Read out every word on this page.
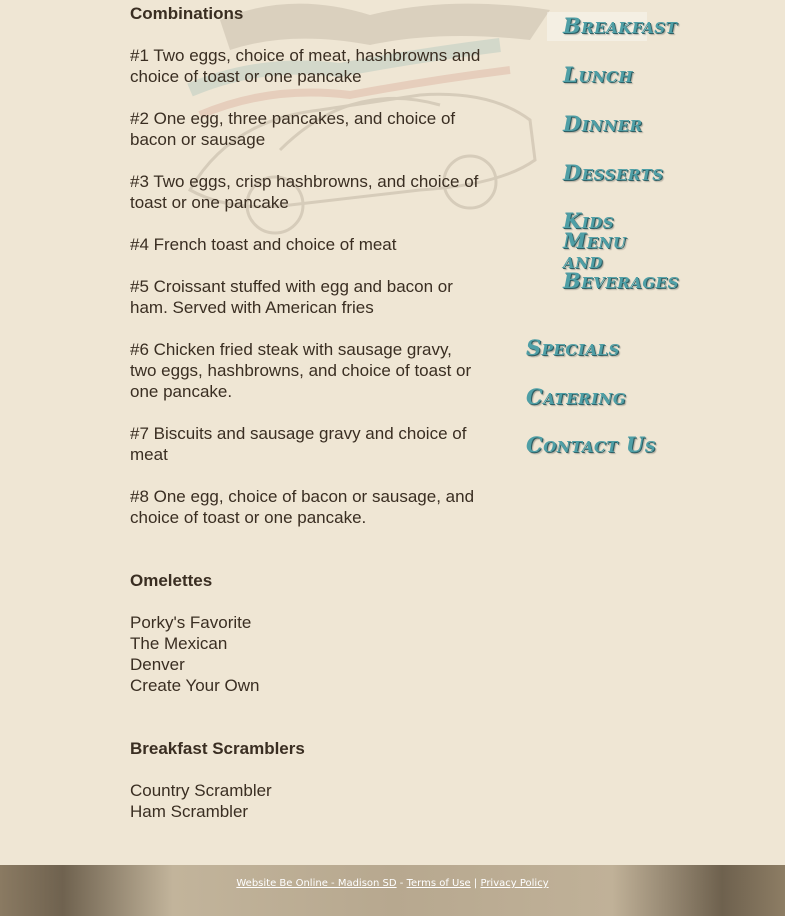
Breakfast
Lunch
Dinner
Desserts
Kids
Menu
and
Beverages
Specials
Catering
Contact Us
Combinations
#1 Two eggs, choice of meat, hashbrowns and choice of toast or one pancake
#2 One egg, three pancakes, and choice of bacon or sausage
#3 Two eggs, crisp hashbrowns, and choice of toast or one pancake
#4 French toast and choice of meat
#5 Croissant stuffed with egg and bacon or ham. Served with American fries
#6 Chicken fried steak with sausage gravy, two eggs, hashbrowns, and choice of toast or one pancake.
#7 Biscuits and sausage gravy and choice of meat
#8 One egg, choice of bacon or sausage, and choice of toast or one pancake.
Omelettes
Porky's Favorite
The Mexican
Denver
Create Your Own
Breakfast Scramblers
Country Scrambler
Ham Scrambler
Website Be Online - Madison SD - Terms of Use | Privacy Policy
